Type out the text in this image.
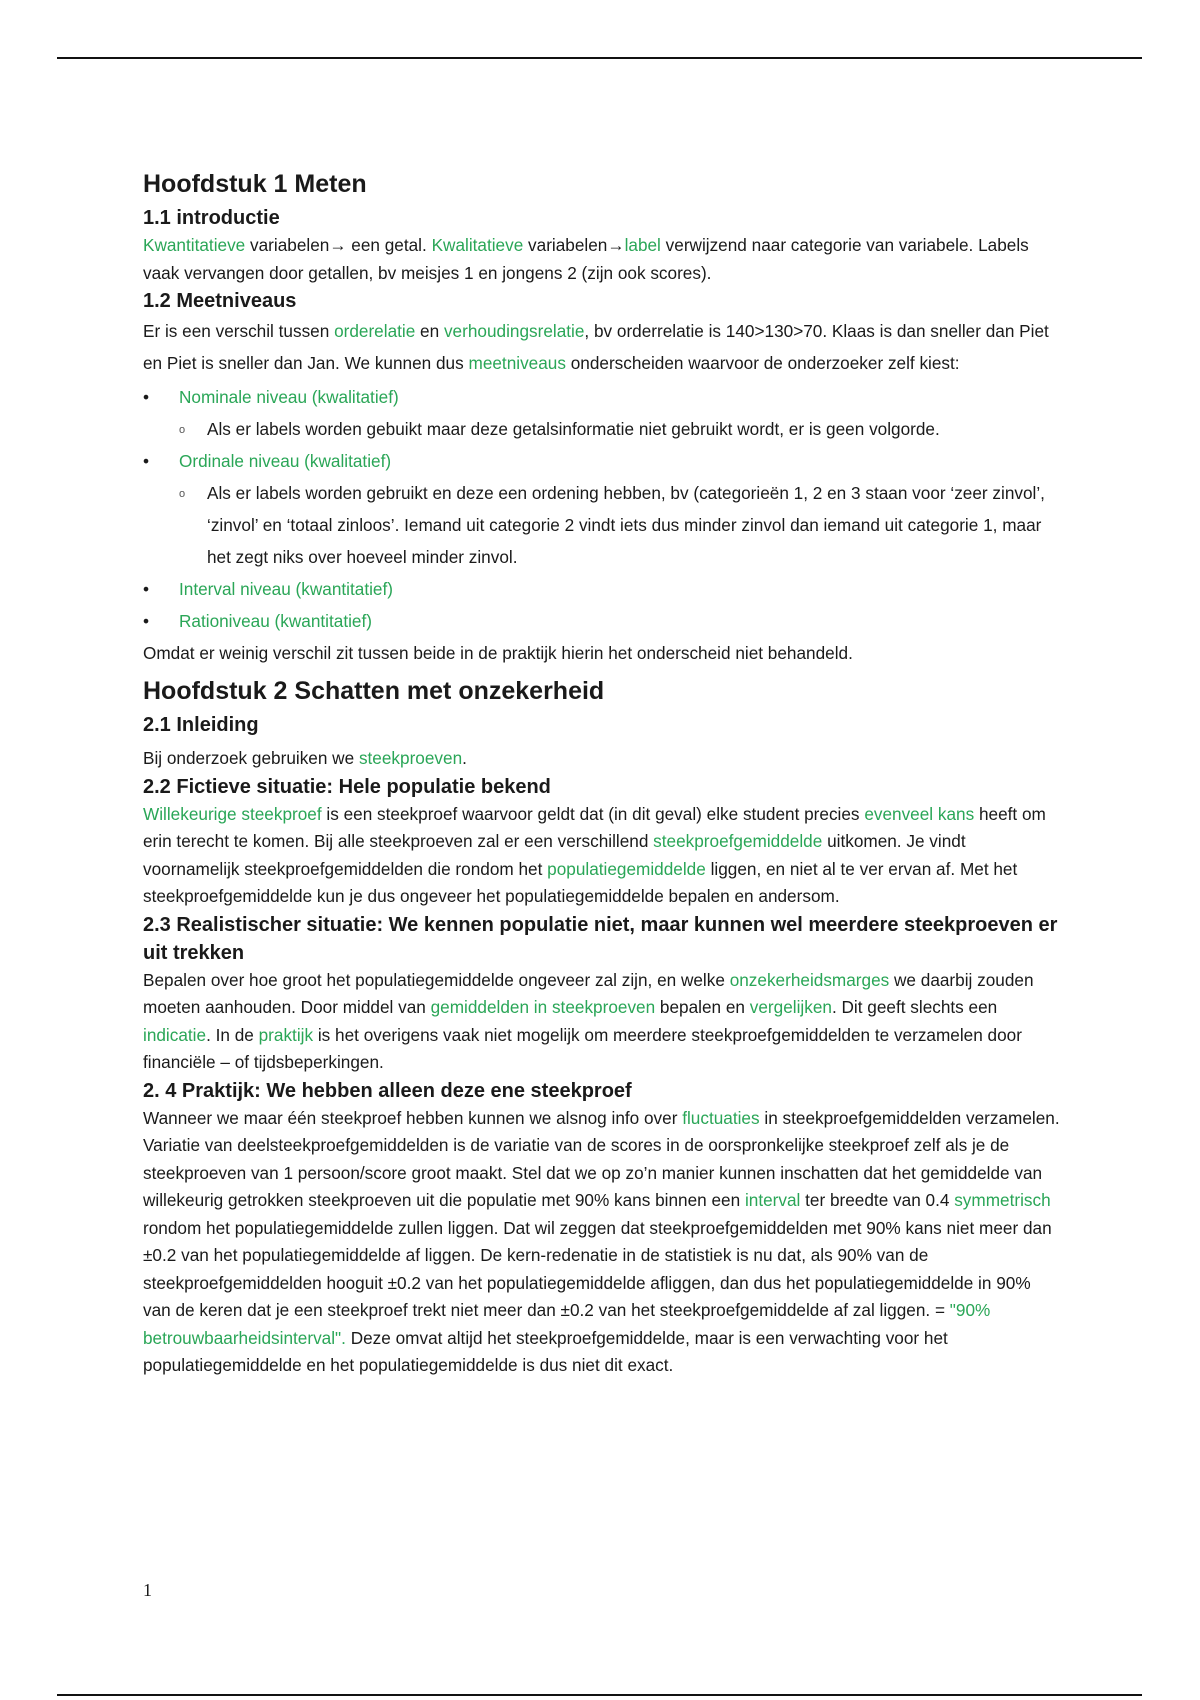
Hoofdstuk 1 Meten
1.1 introductie

Kwantitatieve variabelen→ een getal. Kwalitatieve variabelen→label verwijzend naar categorie van variabele. Labels vaak vervangen door getallen, bv meisjes 1 en jongens 2 (zijn ook scores).

1.2 Meetniveaus

Er is een verschil tussen orderelatie en verhoudingsrelatie, bv orderrelatie is 140>130>70. Klaas is dan sneller dan Piet en Piet is sneller dan Jan. We kunnen dus meetniveaus onderscheiden waarvoor de onderzoeker zelf kiest:

• Nominale niveau (kwalitatief)
o Als er labels worden gebuikt maar deze getalsinformatie niet gebruikt wordt, er is geen volgorde.
• Ordinale niveau (kwalitatief)
o Als er labels worden gebruikt en deze een ordening hebben, bv (categorieën 1, 2 en 3 staan voor ‘zeer zinvol’, ‘zinvol’ en ‘totaal zinloos’. Iemand uit categorie 2 vindt iets dus minder zinvol dan iemand uit categorie 1, maar het zegt niks over hoeveel minder zinvol.
• Interval niveau (kwantitatief)
• Rationiveau (kwantitatief)

Omdat er weinig verschil zit tussen beide in de praktijk hierin het onderscheid niet behandeld.

Hoofdstuk 2 Schatten met onzekerheid
2.1 Inleiding

Bij onderzoek gebruiken we steekproeven.

2.2 Fictieve situatie: Hele populatie bekend

Willekeurige steekproef is een steekproef waarvoor geldt dat (in dit geval) elke student precies evenveel kans heeft om erin terecht te komen. Bij alle steekproeven zal er een verschillend steekproefgemiddelde uitkomen. Je vindt voornamelijk steekproefgemiddelden die rondom het populatiegemiddelde liggen, en niet al te ver ervan af. Met het steekproefgemiddelde kun je dus ongeveer het populatiegemiddelde bepalen en andersom.

2.3 Realistischer situatie: We kennen populatie niet, maar kunnen wel meerdere steekproeven er uit trekken

Bepalen over hoe groot het populatiegemiddelde ongeveer zal zijn, en welke onzekerheidsmarges we daarbij zouden moeten aanhouden. Door middel van gemiddelden in steekproeven bepalen en vergelijken. Dit geeft slechts een indicatie. In de praktijk is het overigens vaak niet mogelijk om meerdere steekproefgemiddelden te verzamelen door financiële – of tijdsbeperkingen.

2. 4 Praktijk: We hebben alleen deze ene steekproef

Wanneer we maar één steekproef hebben kunnen we alsnog info over fluctuaties in steekproefgemiddelden verzamelen. Variatie van deelsteekproefgemiddelden is de variatie van de scores in de oorspronkelijke steekproef zelf als je de steekproeven van 1 persoon/score groot maakt. Stel dat we op zo’n manier kunnen inschatten dat het gemiddelde van willekeurig getrokken steekproeven uit die populatie met 90% kans binnen een interval ter breedte van 0.4 symmetrisch rondom het populatiegemiddelde zullen liggen. Dat wil zeggen dat steekproefgemiddelden met 90% kans niet meer dan ±0.2 van het populatiegemiddelde af liggen. De kern-redenatie in de statistiek is nu dat, als 90% van de steekproefgemiddelden hooguit ±0.2 van het populatiegemiddelde afliggen, dan dus het populatiegemiddelde in 90% van de keren dat je een steekproef trekt niet meer dan ±0.2 van het steekproefgemiddelde af zal liggen. = "90% betrouwbaarheidsinterval". Deze omvat altijd het steekproefgemiddelde, maar is een verwachting voor het populatiegemiddelde en het populatiegemiddelde is dus niet dit exact.

1
